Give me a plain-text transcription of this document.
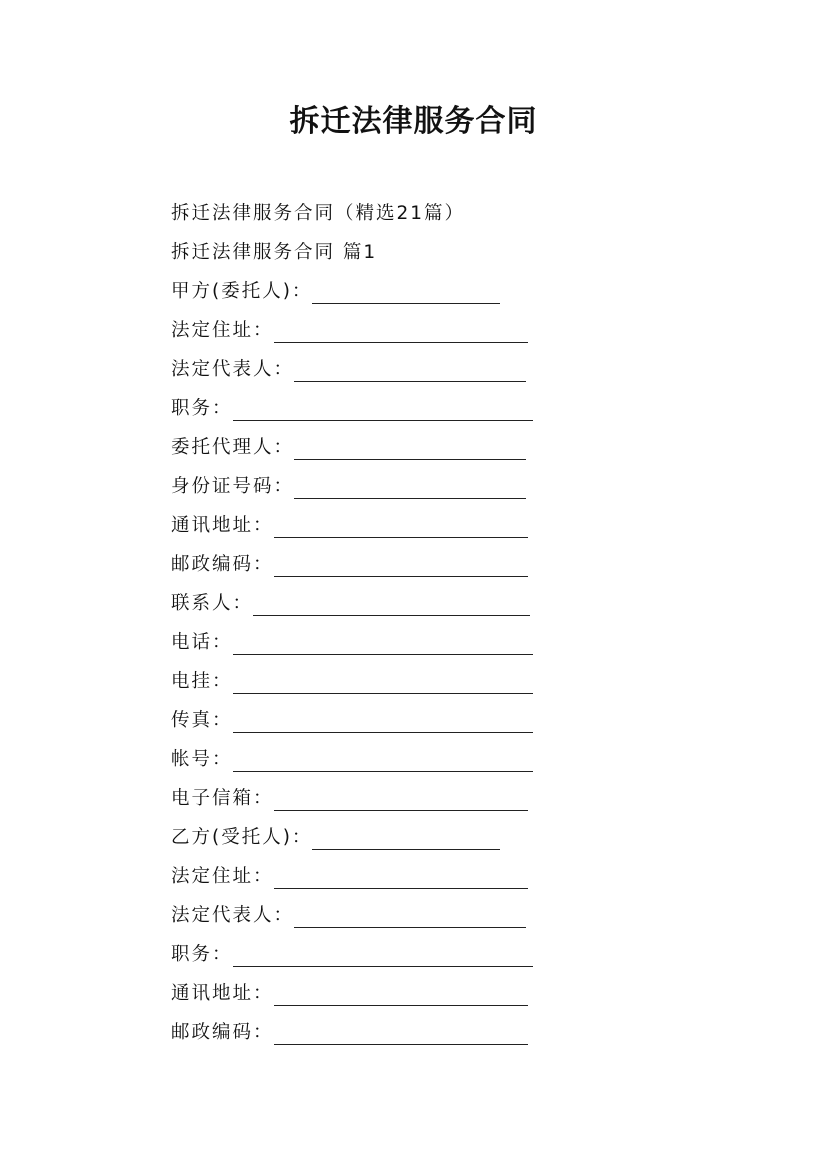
拆迁法律服务合同
拆迁法律服务合同（精选21篇）
拆迁法律服务合同 篇1
甲方(委托人)：
法定住址：
法定代表人：
职务：
委托代理人：
身份证号码：
通讯地址：
邮政编码：
联系人：
电话：
电挂：
传真：
帐号：
电子信箱：
乙方(受托人)：
法定住址：
法定代表人：
职务：
通讯地址：
邮政编码：
